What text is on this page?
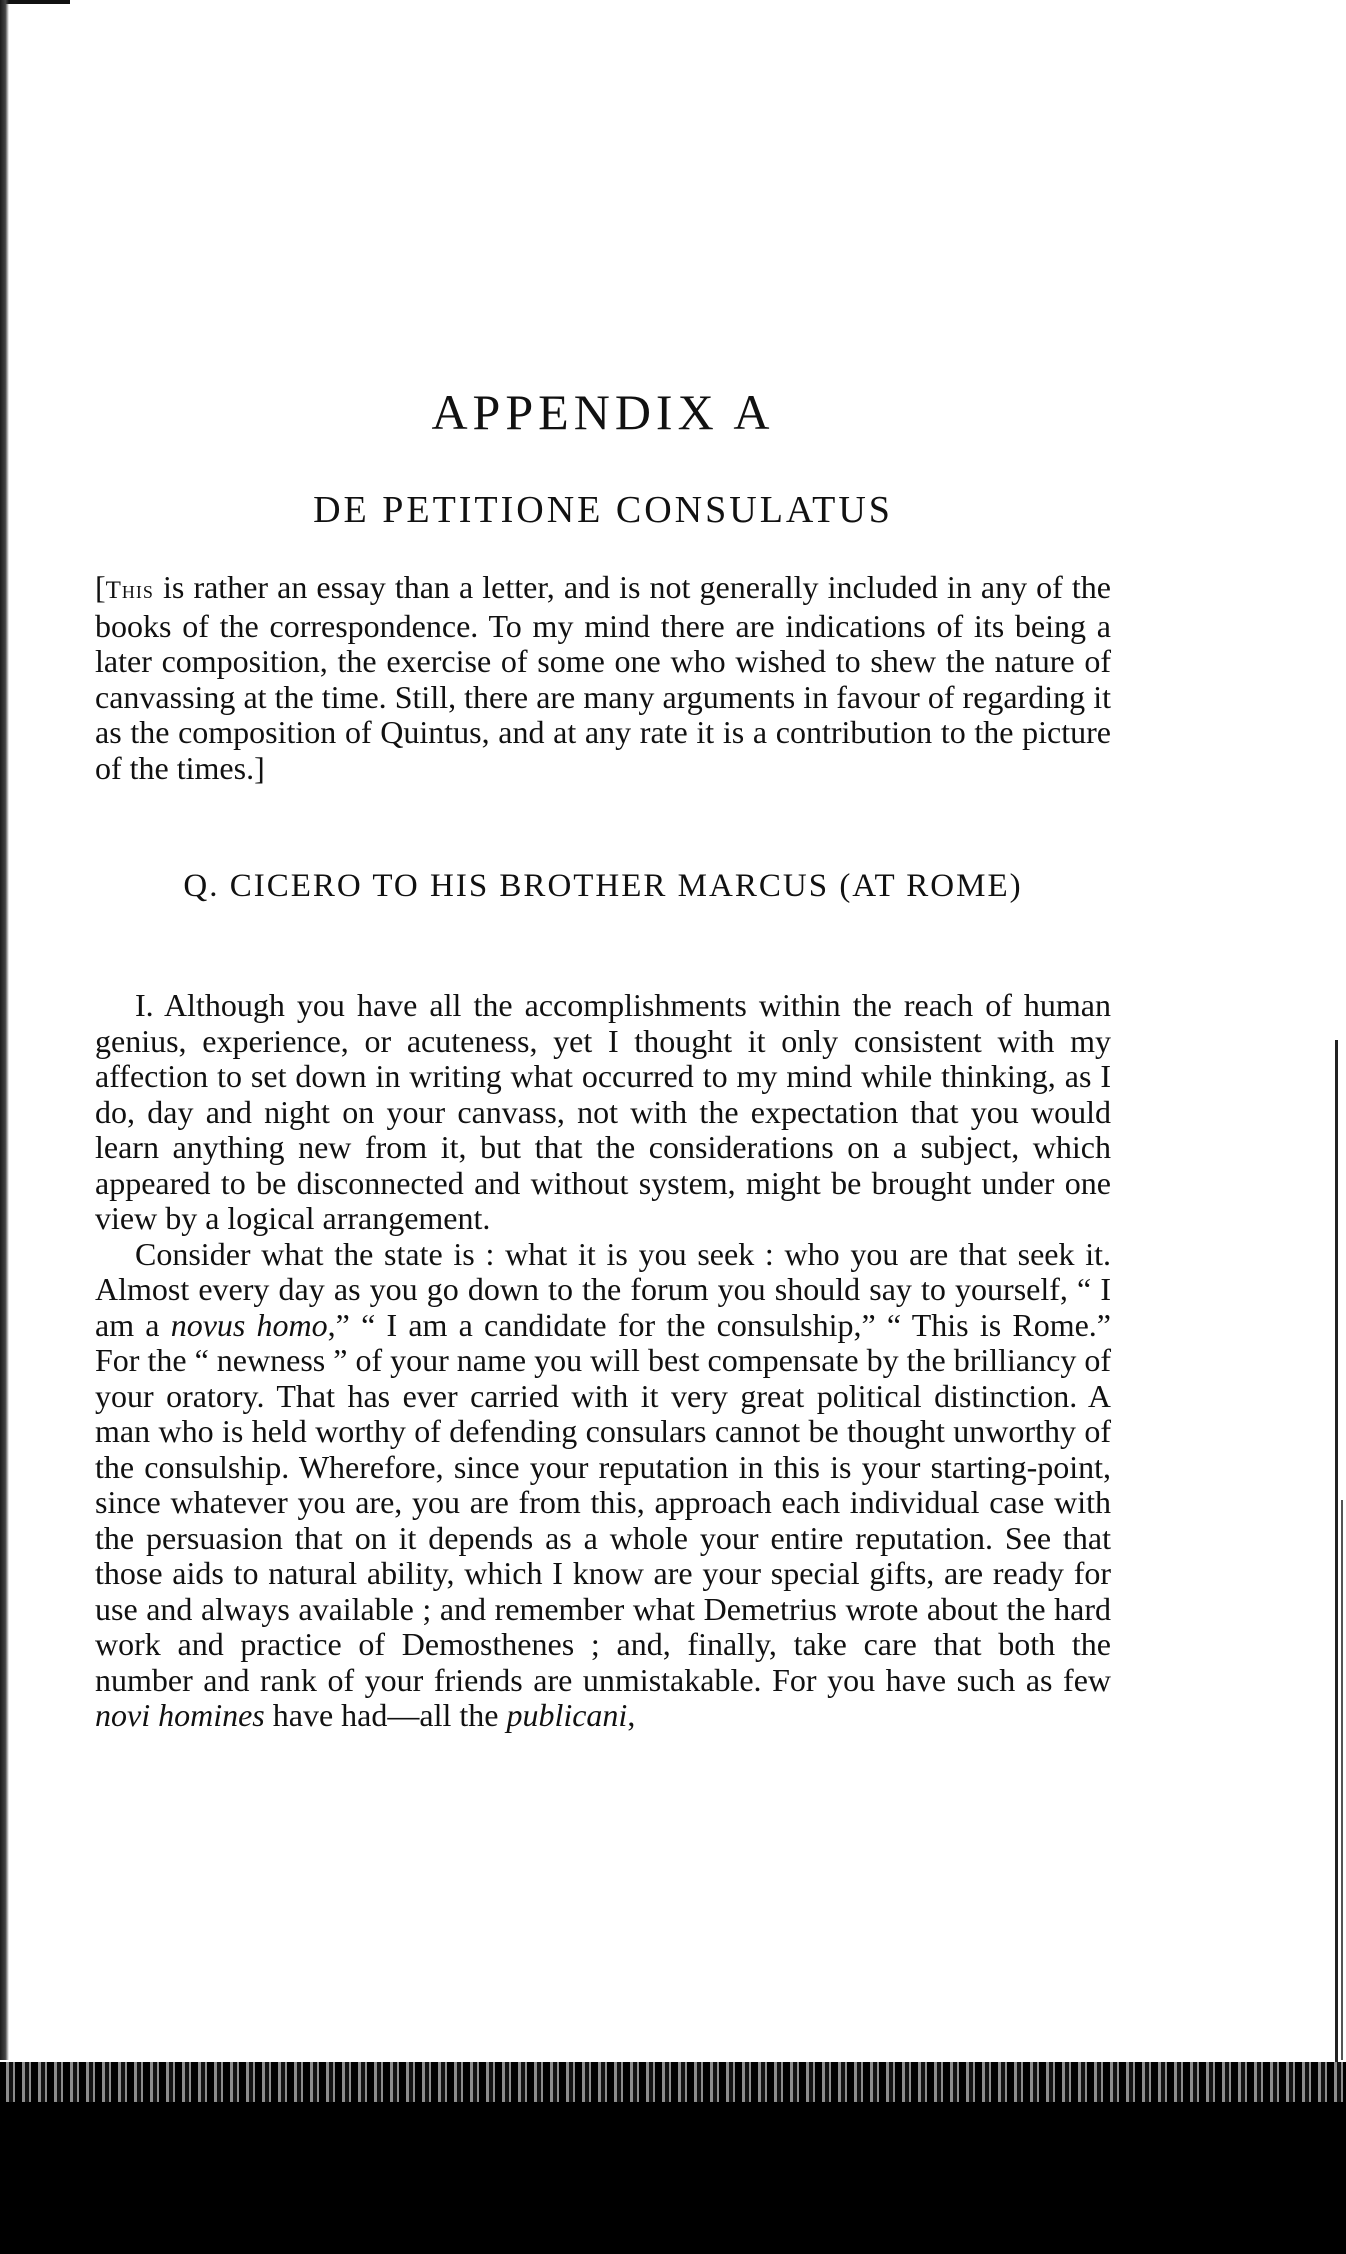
APPENDIX A
DE PETITIONE CONSULATUS

[This is rather an essay than a letter, and is not generally included in any of the books of the correspondence. To my mind there are indications of its being a later composition, the exercise of some one who wished to shew the nature of canvassing at the time. Still, there are many arguments in favour of regarding it as the composition of Quintus, and at any rate it is a contribution to the picture of the times.]

Q. CICERO TO HIS BROTHER MARCUS (AT ROME)

I. Although you have all the accomplishments within the reach of human genius, experience, or acuteness, yet I thought it only consistent with my affection to set down in writing what occurred to my mind while thinking, as I do, day and night on your canvass, not with the expectation that you would learn anything new from it, but that the considerations on a subject, which appeared to be disconnected and without system, might be brought under one view by a logical arrangement.

Consider what the state is : what it is you seek : who you are that seek it. Almost every day as you go down to the forum you should say to yourself, “ I am a novus homo,” “ I am a candidate for the consulship,” “ This is Rome.” For the “ newness ” of your name you will best compensate by the brilliancy of your oratory. That has ever carried with it very great political distinction. A man who is held worthy of defending consulars cannot be thought unworthy of the consulship. Wherefore, since your reputation in this is your starting-point, since whatever you are, you are from this, approach each individual case with the persuasion that on it depends as a whole your entire reputation. See that those aids to natural ability, which I know are your special gifts, are ready for use and always available ; and remember what Demetrius wrote about the hard work and practice of Demosthenes ; and, finally, take care that both the number and rank of your friends are unmistakable. For you have such as few novi homines have had—all the publicani,
